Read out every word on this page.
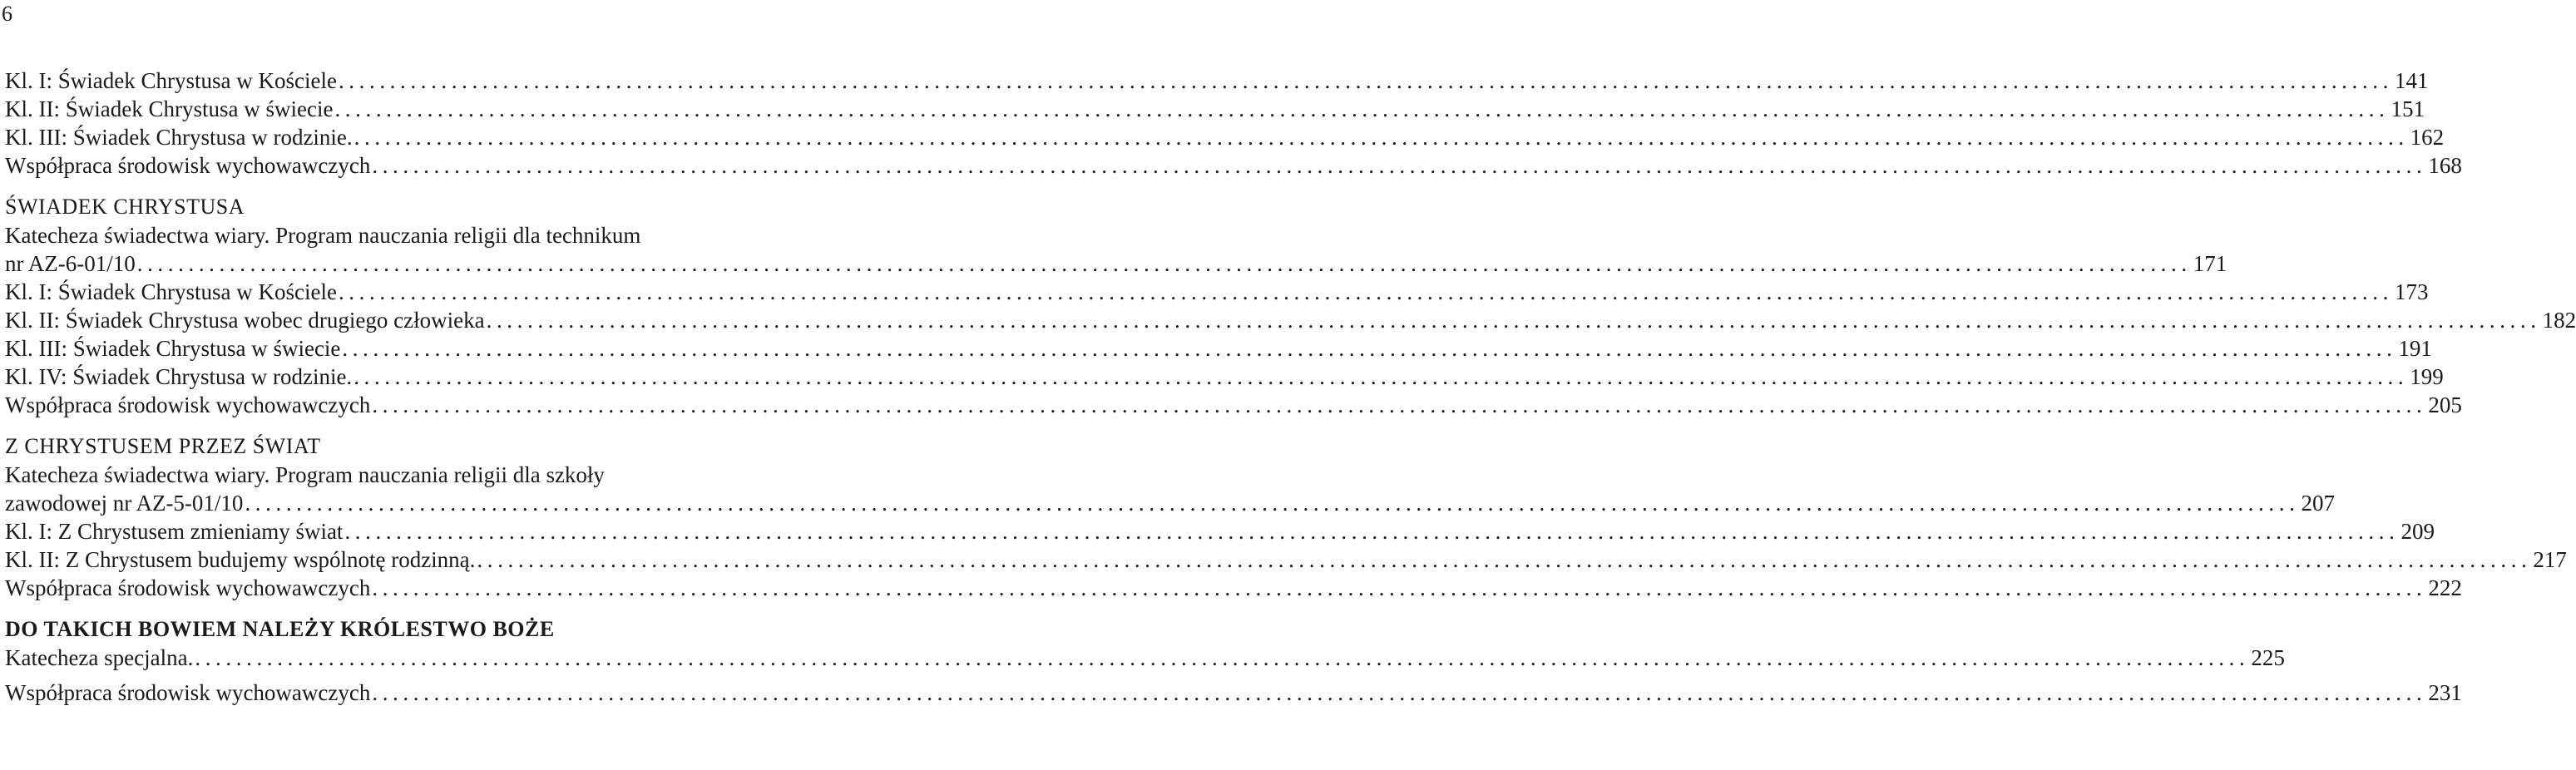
6
Kl. I: Świadek Chrystusa w Kościele ........................................................................................................................................................................................................ 141
Kl. II: Świadek Chrystusa w świecie ........................................................................................................................................................................................................ 151
Kl. III: Świadek Chrystusa w rodzinie. ........................................................................................................................................................................................................ 162
Współpraca środowisk wychowawczych ........................................................................................................................................................................................................ 168
ŚWIADEK CHRYSTUSA
Katecheza świadectwa wiary. Program nauczania religii dla technikum
nr AZ-6-01/10 ........................................................................................................................................................................................................ 171
Kl. I: Świadek Chrystusa w Kościele ........................................................................................................................................................................................................ 173
Kl. II: Świadek Chrystusa wobec drugiego człowieka ........................................................................................................................................................................................................ 182
Kl. III: Świadek Chrystusa w świecie ........................................................................................................................................................................................................ 191
Kl. IV: Świadek Chrystusa w rodzinie. ........................................................................................................................................................................................................ 199
Współpraca środowisk wychowawczych ........................................................................................................................................................................................................ 205
Z CHRYSTUSEM PRZEZ ŚWIAT
Katecheza świadectwa wiary. Program nauczania religii dla szkoły
zawodowej nr AZ-5-01/10 ........................................................................................................................................................................................................ 207
Kl. I: Z Chrystusem zmieniamy świat ........................................................................................................................................................................................................ 209
Kl. II: Z Chrystusem budujemy wspólnotę rodzinną. ........................................................................................................................................................................................................ 217
Współpraca środowisk wychowawczych ........................................................................................................................................................................................................ 222
DO TAKICH BOWIEM NALEŻY KRÓLESTWO BOŻE
Katecheza specjalna. ........................................................................................................................................................................................................ 225
Współpraca środowisk wychowawczych ........................................................................................................................................................................................................ 231
